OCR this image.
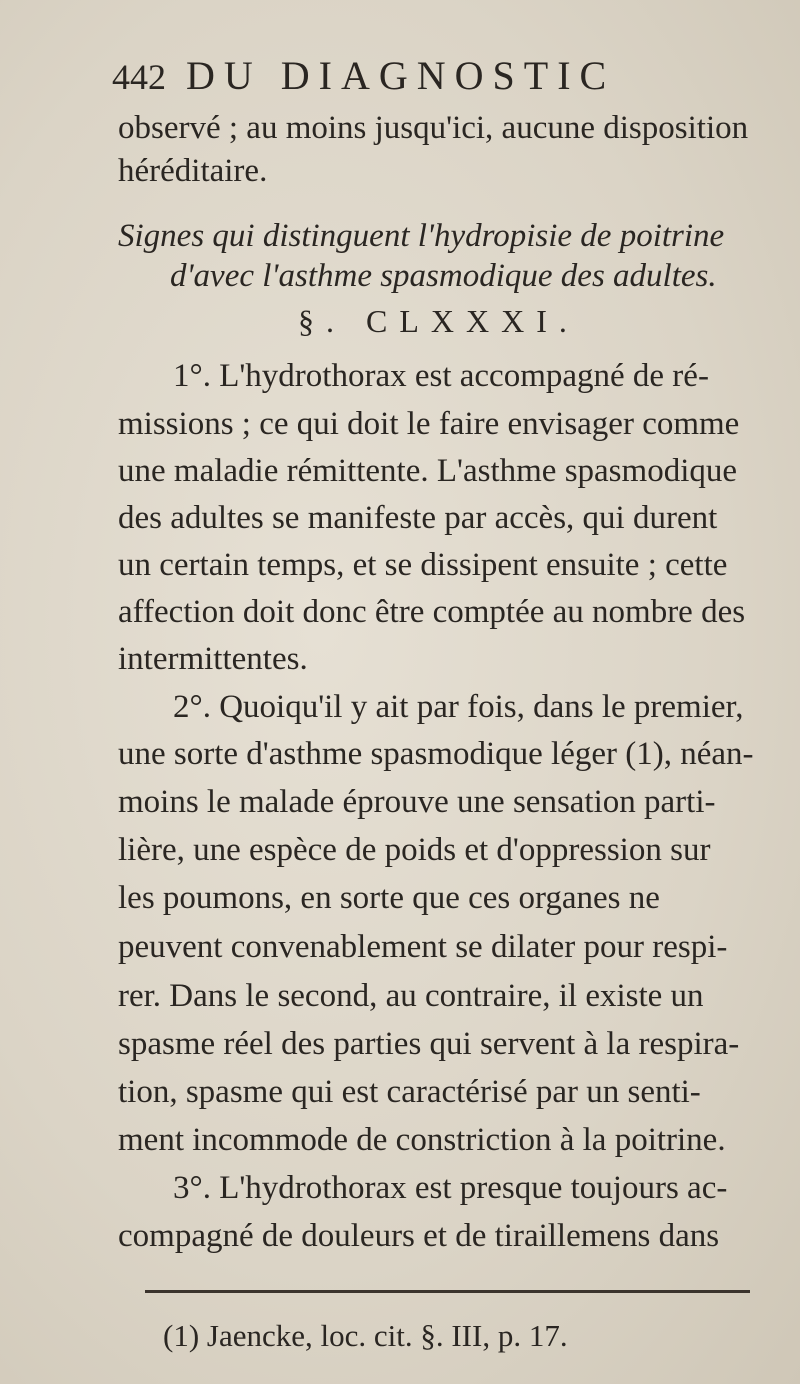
442 DU DIAGNOSTIC
observé ; au moins jusqu'ici, aucune disposition
héréditaire.
Signes qui distinguent l'hydropisie de poitrine
d'avec l'asthme spasmodique des adultes.
§. CLXXXI.
1°. L'hydrothorax est accompagné de ré-
missions ; ce qui doit le faire envisager comme
une maladie rémittente. L'asthme spasmodique
des adultes se manifeste par accès, qui durent
un certain temps, et se dissipent ensuite ; cette
affection doit donc être comptée au nombre des
intermittentes.
2°. Quoiqu'il y ait par fois, dans le premier,
une sorte d'asthme spasmodique léger (1), néan-
moins le malade éprouve une sensation parti-
lière, une espèce de poids et d'oppression sur
les poumons, en sorte que ces organes ne
peuvent convenablement se dilater pour respi-
rer. Dans le second, au contraire, il existe un
spasme réel des parties qui servent à la respira-
tion, spasme qui est caractérisé par un senti-
ment incommode de constriction à la poitrine.
3°. L'hydrothorax est presque toujours ac-
compagné de douleurs et de tiraillemens dans
(1) Jaencke, loc. cit. §. III, p. 17.
